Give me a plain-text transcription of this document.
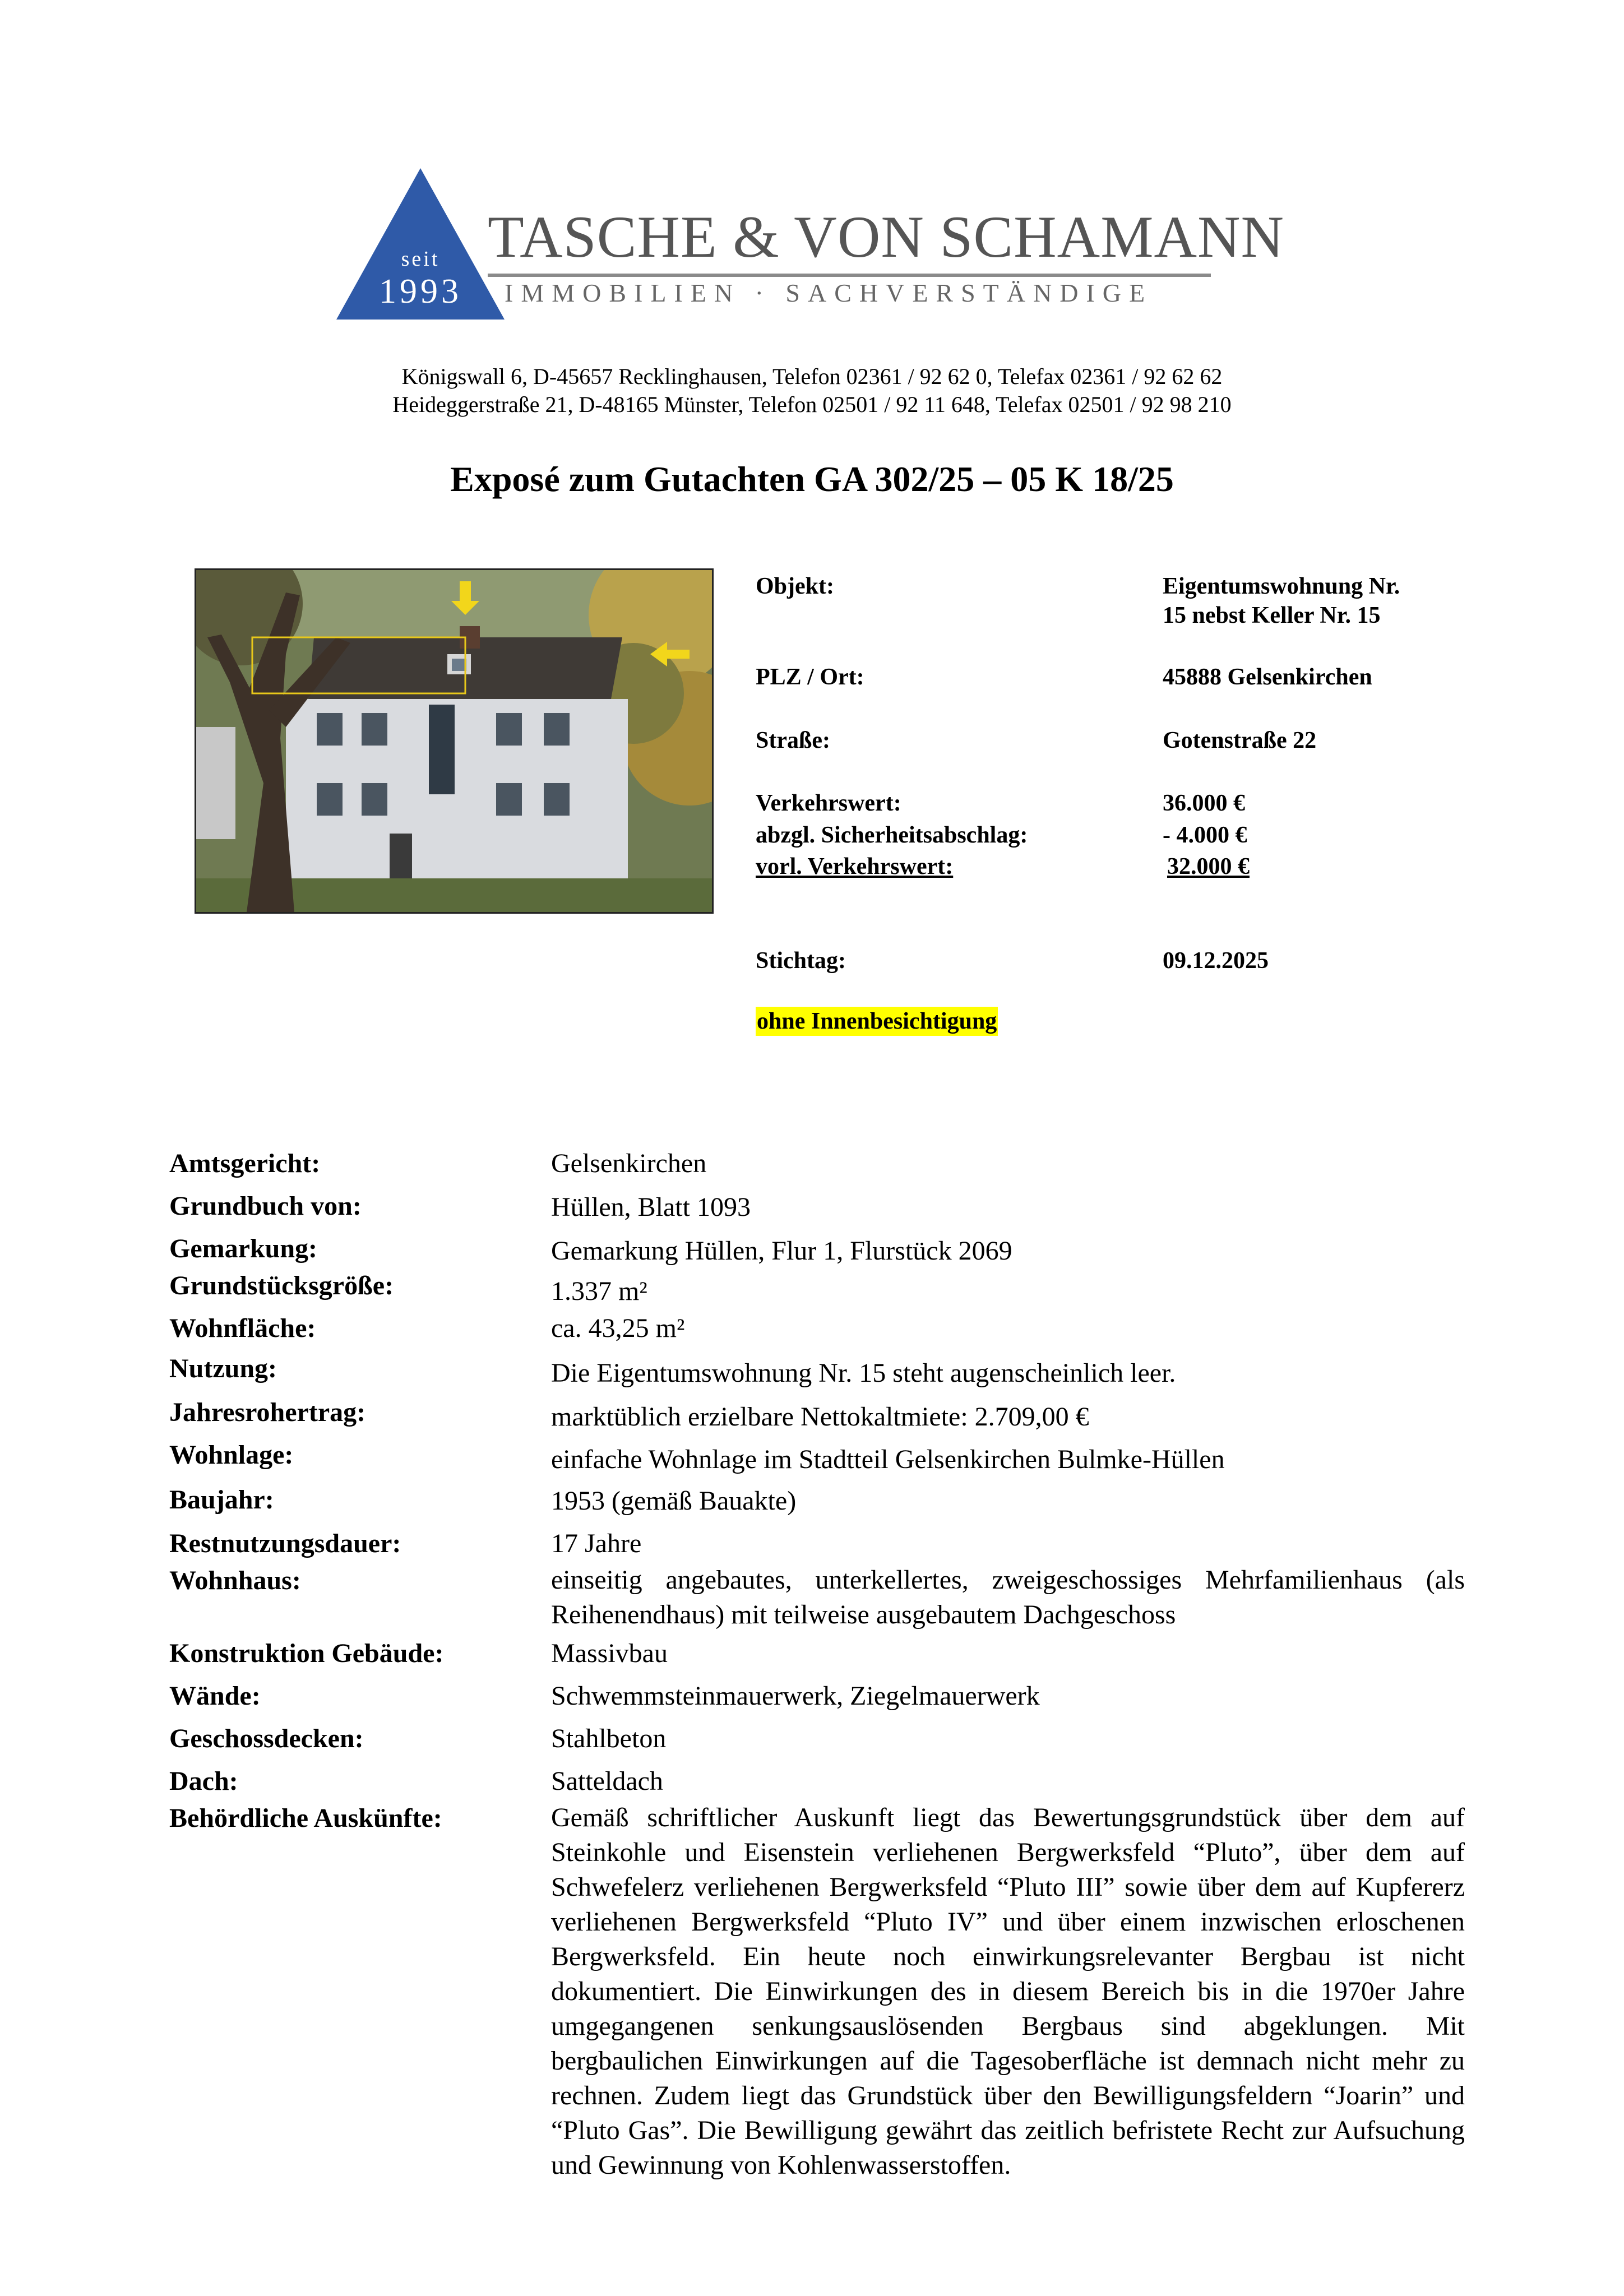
seit
1993
TASCHE & VON SCHAMANN
IMMOBILIEN · SACHVERSTÄNDIGE
Königswall 6, D-45657 Recklinghausen, Telefon 02361 / 92 62 0, Telefax 02361 / 92 62 62
Heideggerstraße 21, D-48165 Münster, Telefon 02501 / 92 11 648, Telefax 02501 / 92 98 210
Exposé zum Gutachten GA 302/25 – 05 K 18/25
Objekt:	Eigentumswohnung Nr.
15 nebst Keller Nr. 15
PLZ / Ort:	45888 Gelsenkirchen
Straße:	Gotenstraße 22
Verkehrswert:	36.000 €
abzgl. Sicherheitsabschlag:	- 4.000 €
vorl. Verkehrswert:	32.000 €
Stichtag:	09.12.2025
ohne Innenbesichtigung
Amtsgericht:	Gelsenkirchen
Grundbuch von:	Hüllen, Blatt 1093
Gemarkung:	Gemarkung Hüllen, Flur 1, Flurstück 2069
Grundstücksgröße:	1.337 m²
Wohnfläche:	ca. 43,25 m²
Nutzung:	Die Eigentumswohnung Nr. 15 steht augenscheinlich leer.
Jahresrohertrag:	marktüblich erzielbare Nettokaltmiete: 2.709,00 €
Wohnlage:	einfache Wohnlage im Stadtteil Gelsenkirchen Bulmke-Hüllen
Baujahr:	1953 (gemäß Bauakte)
Restnutzungsdauer:	17 Jahre
Wohnhaus:	einseitig angebautes, unterkellertes, zweigeschossiges Mehrfamilienhaus (als Reihenendhaus) mit teilweise ausgebautem Dachgeschoss
Konstruktion Gebäude:	Massivbau
Wände:	Schwemmsteinmauerwerk, Ziegelmauerwerk
Geschossdecken:	Stahlbeton
Dach:	Satteldach
Behördliche Auskünfte:	Gemäß schriftlicher Auskunft liegt das Bewertungsgrundstück über dem auf Steinkohle und Eisenstein verliehenen Bergwerksfeld “Pluto”, über dem auf Schwefelerz verliehenen Bergwerksfeld “Pluto III” sowie über dem auf Kupfererz verliehenen Bergwerksfeld “Pluto IV” und über einem inzwischen erloschenen Bergwerksfeld. Ein heute noch einwirkungsrelevanter Bergbau ist nicht dokumentiert. Die Einwirkungen des in diesem Bereich bis in die 1970er Jahre umgegangenen senkungsauslösenden Bergbaus sind abgeklungen. Mit bergbaulichen Einwirkungen auf die Tagesoberfläche ist demnach nicht mehr zu rechnen. Zudem liegt das Grundstück über den Bewilligungsfeldern “Joarin” und “Pluto Gas”. Die Bewilligung gewährt das zeitlich befristete Recht zur Aufsuchung und Gewinnung von Kohlenwasserstoffen.
